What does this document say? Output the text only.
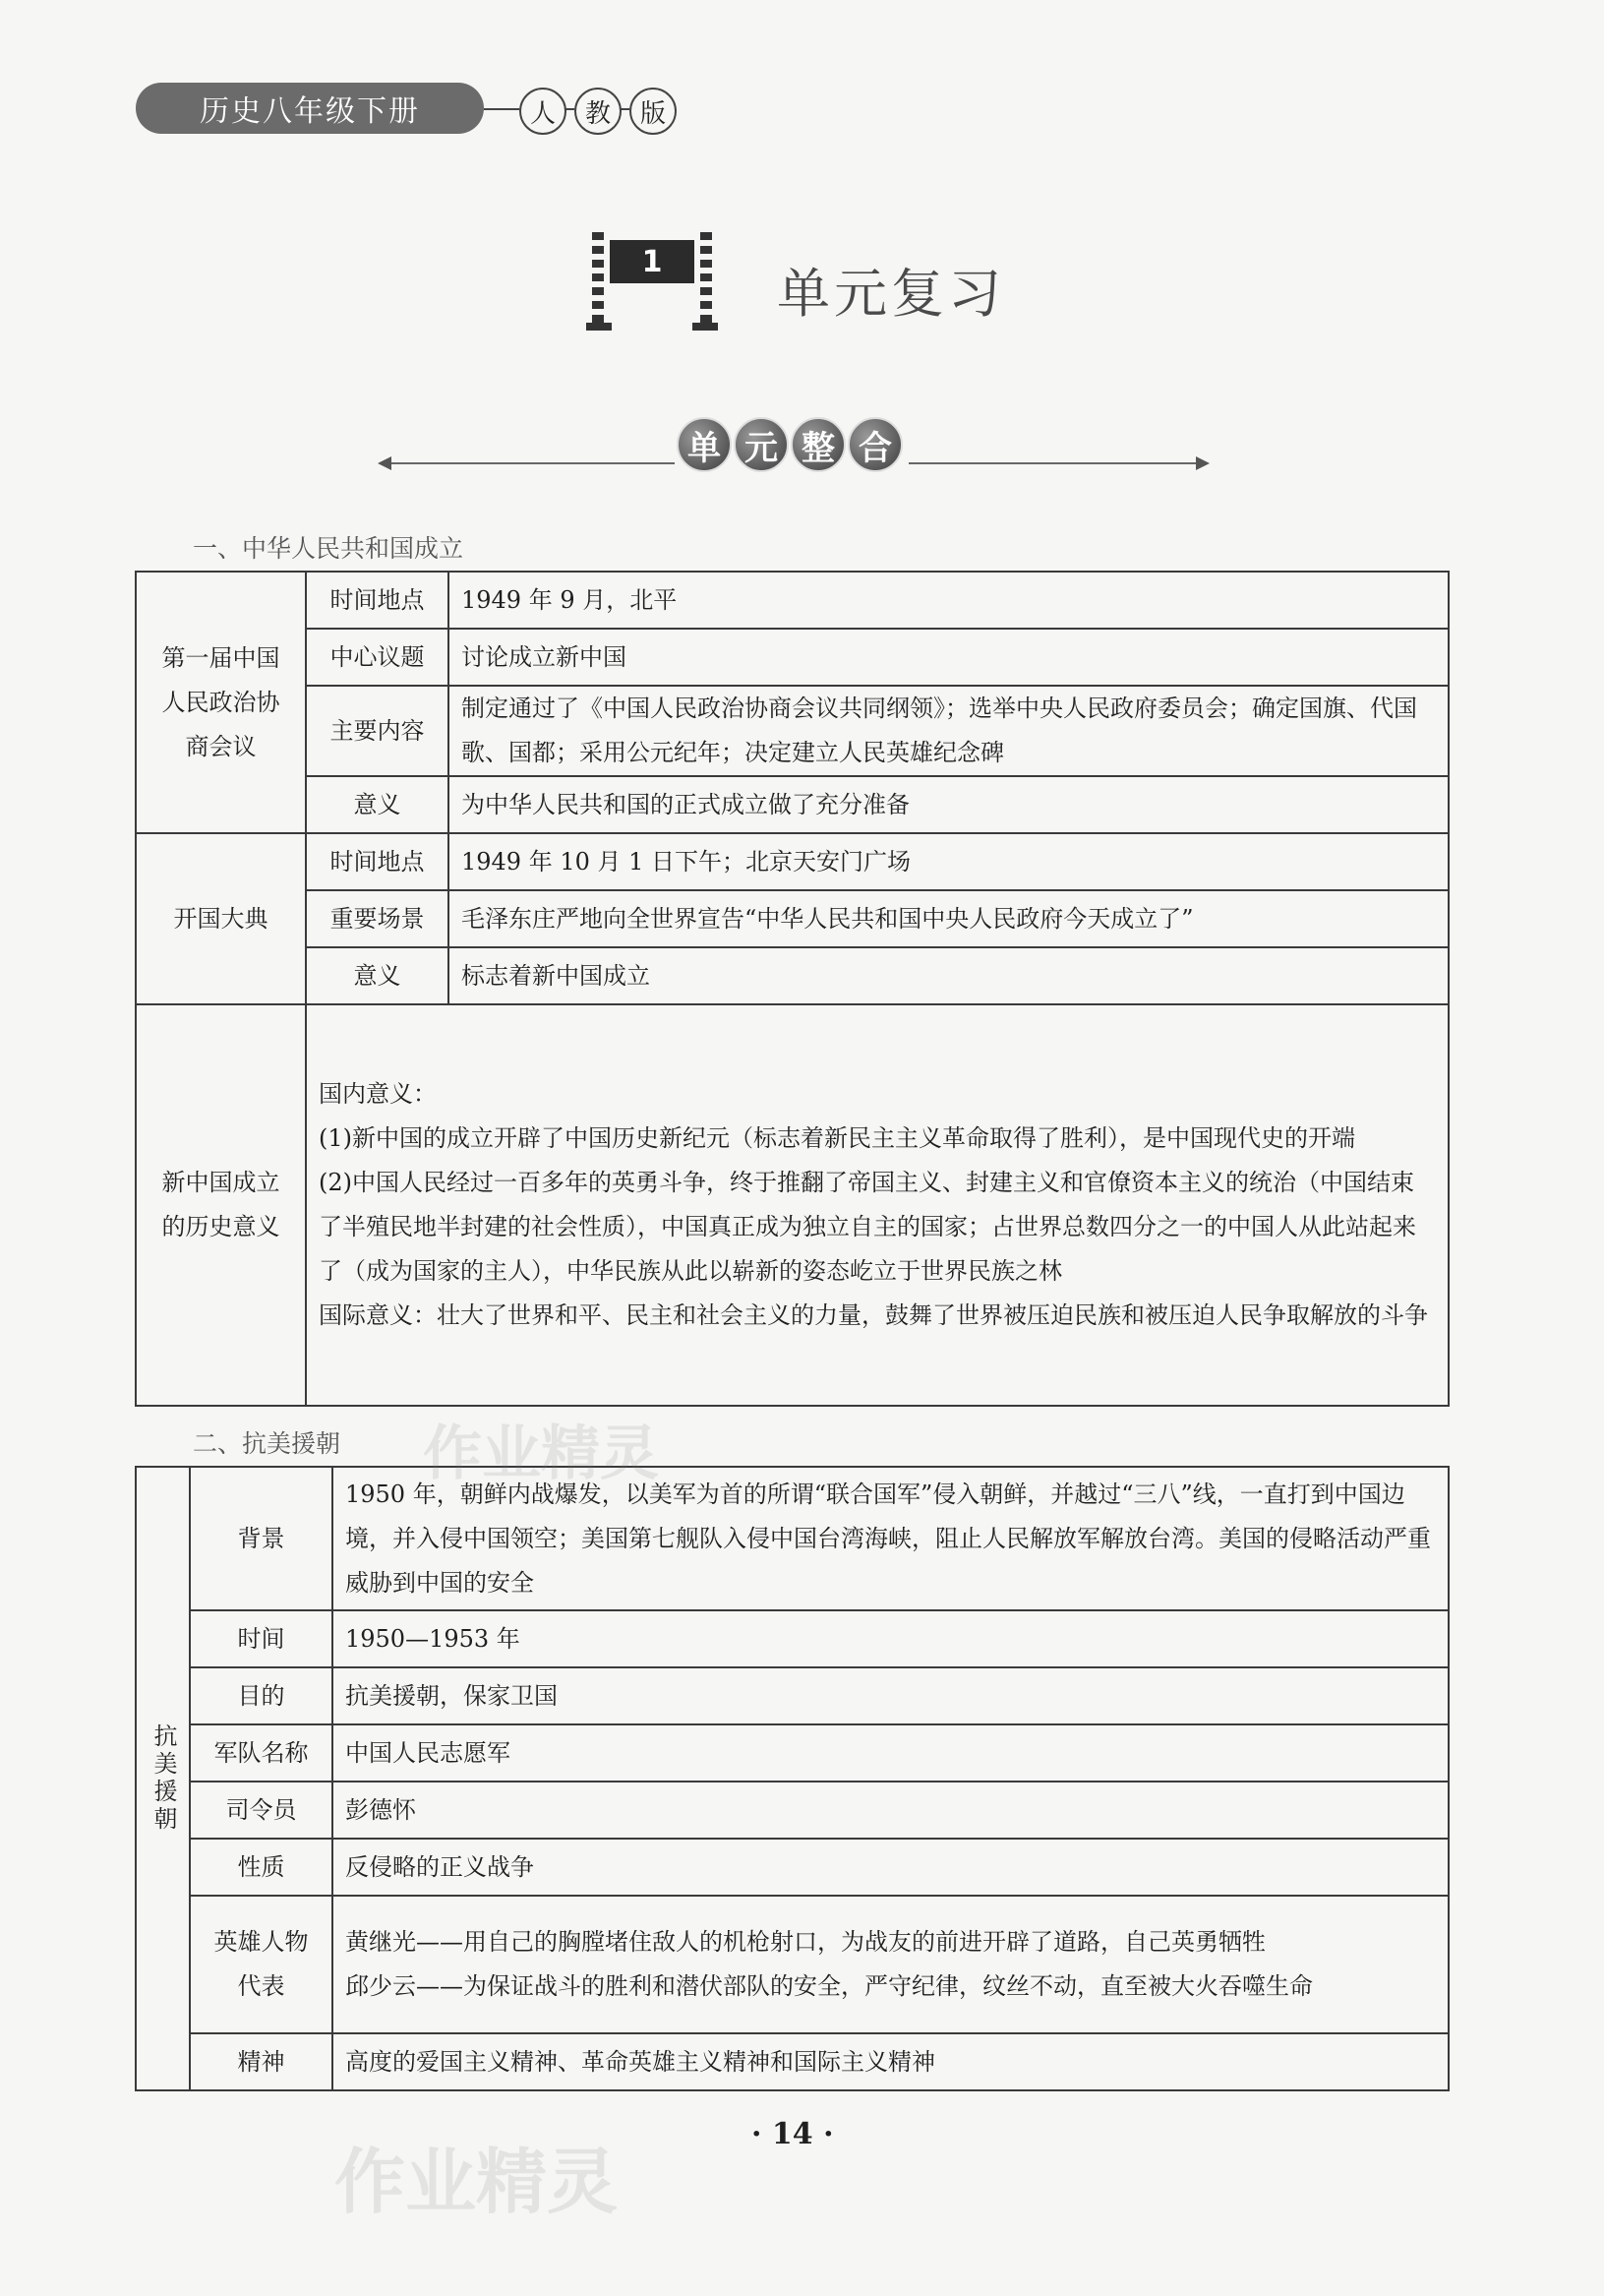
历史八年级下册	人	教	版
1
单元复习
单 元 整 合
一、中华人民共和国成立
第一届中国人民政治协商会议	时间地点	1949 年 9 月，北平
	中心议题	讨论成立新中国
	主要内容	制定通过了《中国人民政治协商会议共同纲领》；选举中央人民政府委员会；确定国旗、代国歌、国都；采用公元纪年；决定建立人民英雄纪念碑
	意义	为中华人民共和国的正式成立做了充分准备
开国大典	时间地点	1949 年 10 月 1 日下午；北京天安门广场
	重要场景	毛泽东庄严地向全世界宣告“中华人民共和国中央人民政府今天成立了”
	意义	标志着新中国成立

新中国成立的历史意义	国内意义：
(1)新中国的成立开辟了中国历史新纪元（标志着新民主主义革命取得了胜利），是中国现代史的开端
(2)中国人民经过一百多年的英勇斗争，终于推翻了帝国主义、封建主义和官僚资本主义的统治（中国结束了半殖民地半封建的社会性质），中国真正成为独立自主的国家；占世界总数四分之一的中国人从此站起来了（成为国家的主人），中华民族从此以崭新的姿态屹立于世界民族之林
国际意义：壮大了世界和平、民主和社会主义的力量，鼓舞了世界被压迫民族和被压迫人民争取解放的斗争	
二、抗美援朝
抗美援朝	背景	1950 年，朝鲜内战爆发，以美军为首的所谓“联合国军”侵入朝鲜，并越过“三八”线，一直打到中国边境，并入侵中国领空；美国第七舰队入侵中国台湾海峡，阻止人民解放军解放台湾。美国的侵略活动严重威胁到中国的安全
	时间	1950—1953 年
	目的	抗美援朝，保家卫国
	军队名称	中国人民志愿军
	司令员	彭德怀
	性质	反侵略的正义战争

	英雄人物代表	黄继光——用自己的胸膛堵住敌人的机枪射口，为战友的前进开辟了道路，自己英勇牺牲
邱少云——为保证战斗的胜利和潜伏部队的安全，严守纪律，纹丝不动，直至被大火吞噬生命

	精神	高度的爱国主义精神、革命英雄主义精神和国际主义精神
作业精灵
作业精灵
· 14 ·
